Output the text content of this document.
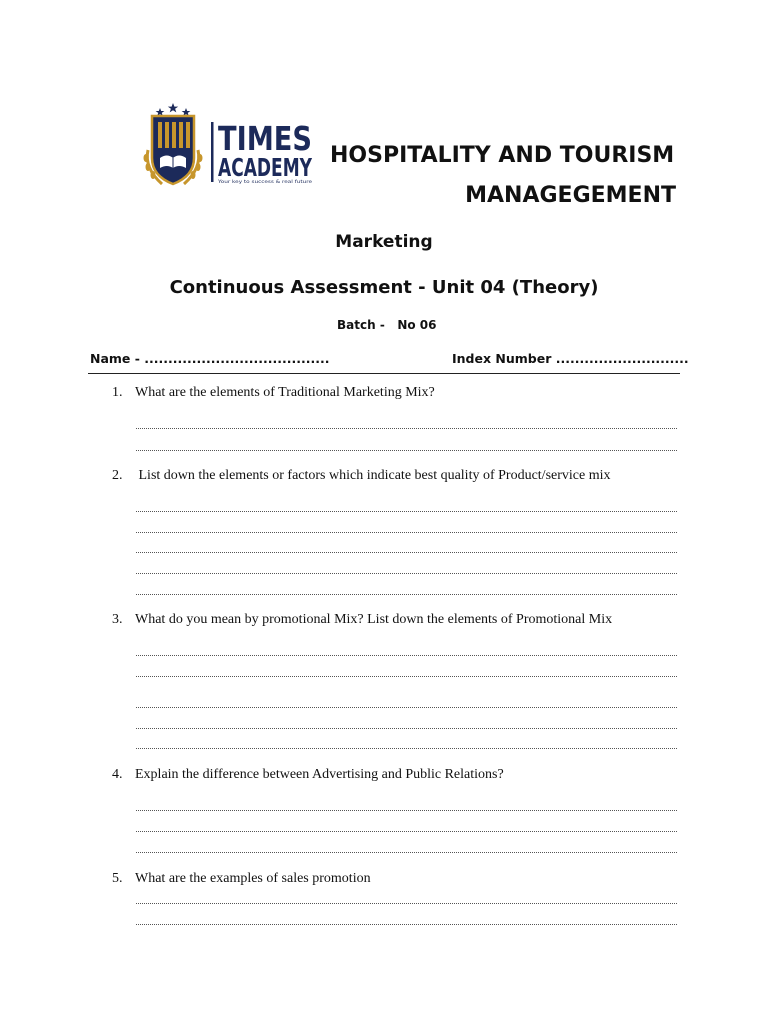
TIMES
ACADEMY
Your key to success & real future
HOSPITALITY AND TOURISM
MANAGEGEMENT
Marketing
Continuous Assessment - Unit 04 (Theory)
Batch - No 06
Name - .......................................	Index Number ............................
1. What are the elements of Traditional Marketing Mix?
2. List down the elements or factors which indicate best quality of Product/service mix
3. What do you mean by promotional Mix? List down the elements of Promotional Mix
4. Explain the difference between Advertising and Public Relations?
5. What are the examples of sales promotion
